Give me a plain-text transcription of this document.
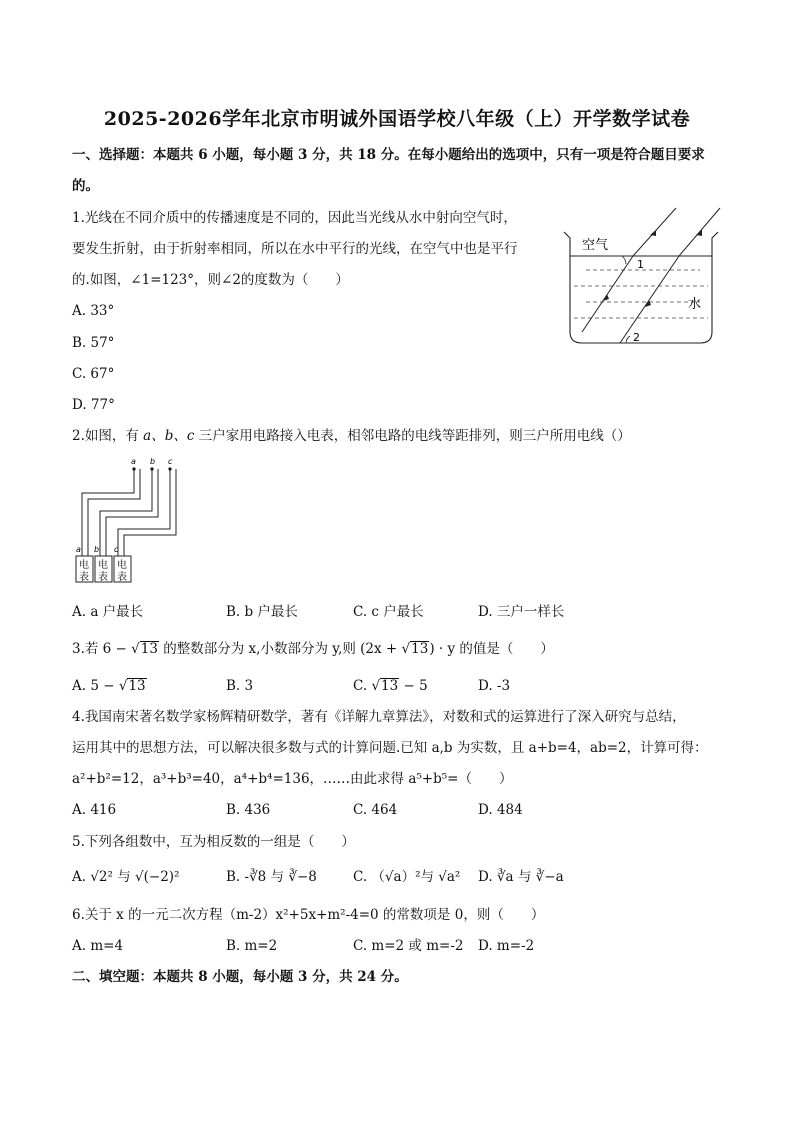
2025-2026学年北京市明诚外国语学校八年级（上）开学数学试卷
一、选择题：本题共 6 小题，每小题 3 分，共 18 分。在每小题给出的选项中，只有一项是符合题目要求
的。
1.光线在不同介质中的传播速度是不同的，因此当光线从水中射向空气时，
要发生折射，由于折射率相同，所以在水中平行的光线，在空气中也是平行
的.如图，∠1=123°，则∠2的度数为（　　）
A. 33°
B. 57°
C. 67°
D. 77°
空气
水
1
2
2.如图，有 a、b、c 三户家用电路接入电表，相邻电路的电线等距排列，则三户所用电线（）
a b c
a b c
电
表
电
表
电
表
A. a 户最长	B. b 户最长	C. c 户最长	D. 三户一样长
3.若 6 − √13 的整数部分为 x,小数部分为 y,则 (2x + √13) · y 的值是（　　）
A. 5 − √13	B. 3	C. √13 − 5	D. -3
4.我国南宋著名数学家杨辉精研数学，著有《详解九章算法》，对数和式的运算进行了深入研究与总结，
运用其中的思想方法，可以解决很多数与式的计算问题.已知 a,b 为实数，且 a+b=4，ab=2，计算可得：
a²+b²=12，a³+b³=40，a⁴+b⁴=136，……由此求得 a⁵+b⁵=（　　）
A. 416	B. 436	C. 464	D. 484
5.下列各组数中，互为相反数的一组是（　　）
A. √2² 与 √(−2)²	B. -∛8 与 ∛−8	C. （√a）²与 √a² D. ∛a 与 ∛−a
6.关于 x 的一元二次方程（m-2）x²+5x+m²-4=0 的常数项是 0，则（　　）
A. m=4	B. m=2	C. m=2 或 m=-2 D. m=-2
二、填空题：本题共 8 小题，每小题 3 分，共 24 分。
